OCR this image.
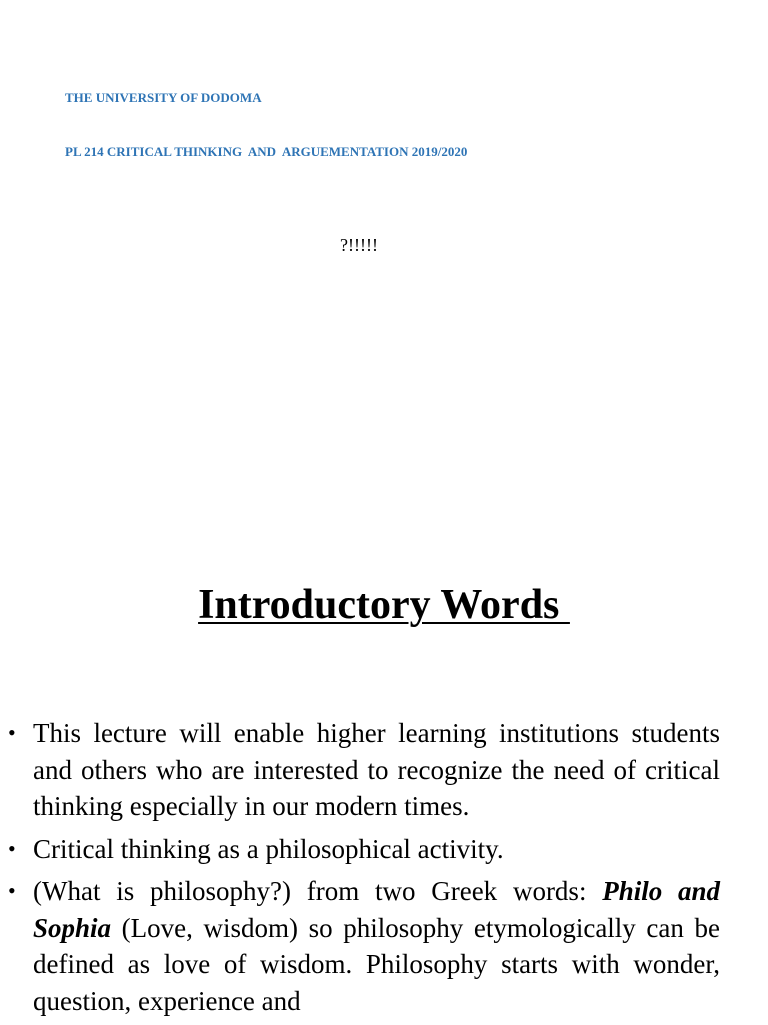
THE UNIVERSITY OF DODOMA

PL 214 CRITICAL THINKING  AND  ARGUEMENTATION 2019/2020

?!!!!!
Introductory Words
• This lecture will enable higher learning institutions students and others who are interested to recognize the need of critical thinking especially in our modern times.
• Critical thinking as a philosophical activity.
• (What is philosophy?) from two Greek words: Philo and Sophia (Love, wisdom) so philosophy etymologically can be defined as love of wisdom. Philosophy starts with wonder, question, experience and
